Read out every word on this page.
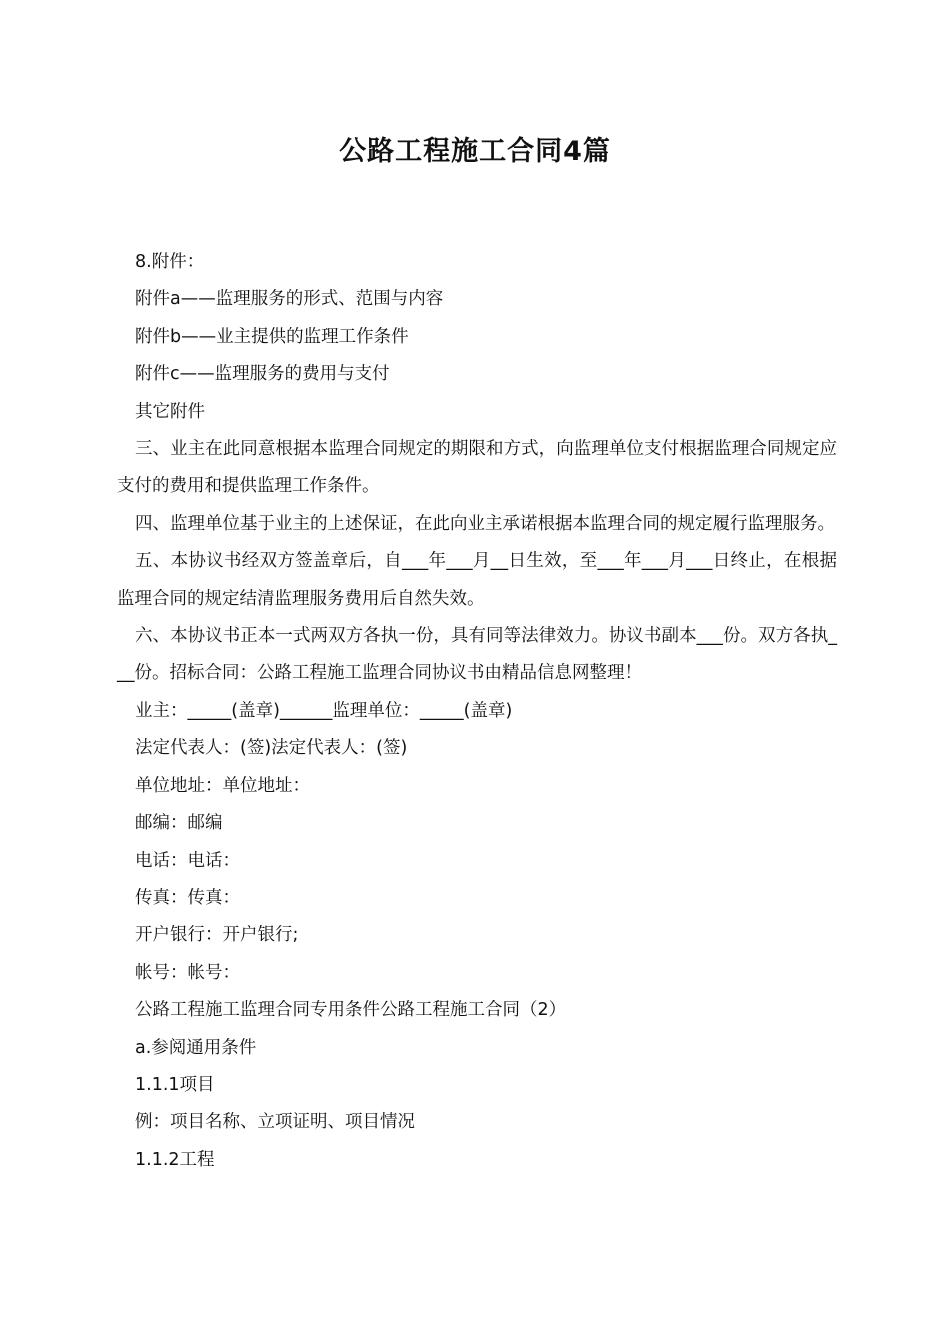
公路工程施工合同4篇

8.附件：

附件a——监理服务的形式、范围与内容

附件b——业主提供的监理工作条件

附件c——监理服务的费用与支付

其它附件

三、业主在此同意根据本监理合同规定的期限和方式，向监理单位支付根据监理合同规定应支付的费用和提供监理工作条件。

四、监理单位基于业主的上述保证，在此向业主承诺根据本监理合同的规定履行监理服务。

五、本协议书经双方签盖章后，自___年___月__日生效，至___年___月___日终止，在根据监理合同的规定结清监理服务费用后自然失效。

六、本协议书正本一式两双方各执一份，具有同等法律效力。协议书副本___份。双方各执___份。招标合同：公路工程施工监理合同协议书由精品信息网整理！

业主：_____(盖章)______监理单位：_____(盖章)

法定代表人：(签)法定代表人：(签)

单位地址：单位地址：

邮编：邮编

电话：电话：

传真：传真：

开户银行：开户银行;

帐号：帐号：

公路工程施工监理合同专用条件公路工程施工合同（2）

a.参阅通用条件

1.1.1项目

例：项目名称、立项证明、项目情况

1.1.2工程
